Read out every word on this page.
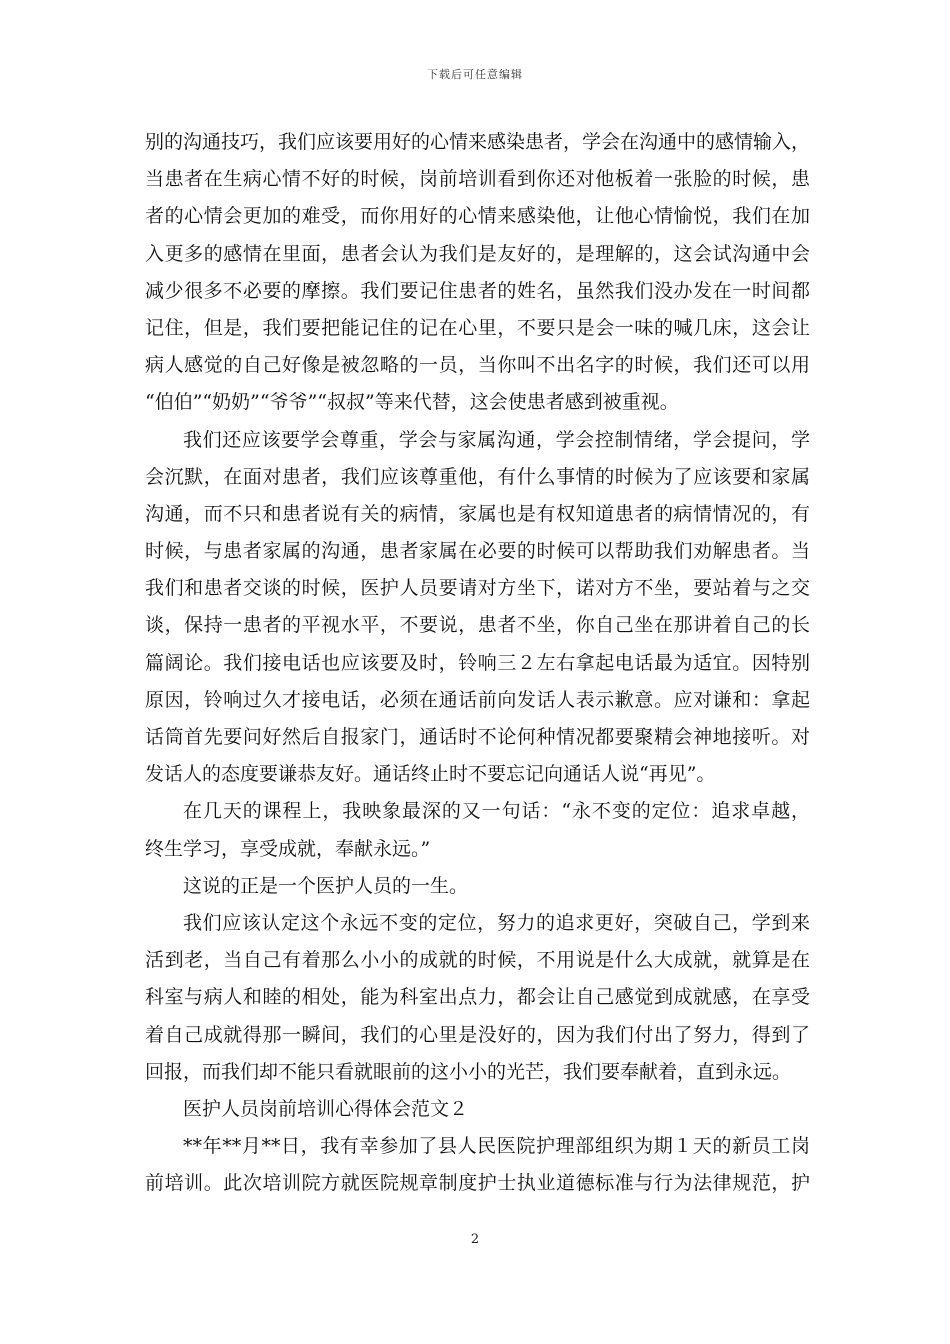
下载后可任意编辑
别的沟通技巧，我们应该要用好的心情来感染患者，学会在沟通中的感情输入，
当患者在生病心情不好的时候，岗前培训看到你还对他板着一张脸的时候，患
者的心情会更加的难受，而你用好的心情来感染他，让他心情愉悦，我们在加
入更多的感情在里面，患者会认为我们是友好的，是理解的，这会试沟通中会
减少很多不必要的摩擦。我们要记住患者的姓名，虽然我们没办发在一时间都
记住，但是，我们要把能记住的记在心里，不要只是会一味的喊几床，这会让
病人感觉的自己好像是被忽略的一员，当你叫不出名字的时候，我们还可以用
“伯伯”“奶奶”“爷爷”“叔叔”等来代替，这会使患者感到被重视。
我们还应该要学会尊重，学会与家属沟通，学会控制情绪，学会提问，学
会沉默，在面对患者，我们应该尊重他，有什么事情的时候为了应该要和家属
沟通，而不只和患者说有关的病情，家属也是有权知道患者的病情情况的，有
时候，与患者家属的沟通，患者家属在必要的时候可以帮助我们劝解患者。当
我们和患者交谈的时候，医护人员要请对方坐下，诺对方不坐，要站着与之交
谈，保持一患者的平视水平，不要说，患者不坐，你自己坐在那讲着自己的长
篇阔论。我们接电话也应该要及时，铃响三２左右拿起电话最为适宜。因特别
原因，铃响过久才接电话，必须在通话前向发话人表示歉意。应对谦和：拿起
话筒首先要问好然后自报家门，通话时不论何种情况都要聚精会神地接听。对
发话人的态度要谦恭友好。通话终止时不要忘记向通话人说“再见”。
在几天的课程上，我映象最深的又一句话：“永不变的定位：追求卓越，
终生学习，享受成就，奉献永远。”
这说的正是一个医护人员的一生。
我们应该认定这个永远不变的定位，努力的追求更好，突破自己，学到来
活到老，当自己有着那么小小的成就的时候，不用说是什么大成就，就算是在
科室与病人和睦的相处，能为科室出点力，都会让自己感觉到成就感，在享受
着自己成就得那一瞬间，我们的心里是没好的，因为我们付出了努力，得到了
回报，而我们却不能只看就眼前的这小小的光芒，我们要奉献着，直到永远。
医护人员岗前培训心得体会范文２
**年**月**日，我有幸参加了县人民医院护理部组织为期１天的新员工岗
前培训。此次培训院方就医院规章制度护士执业道德标准与行为法律规范，护
2
